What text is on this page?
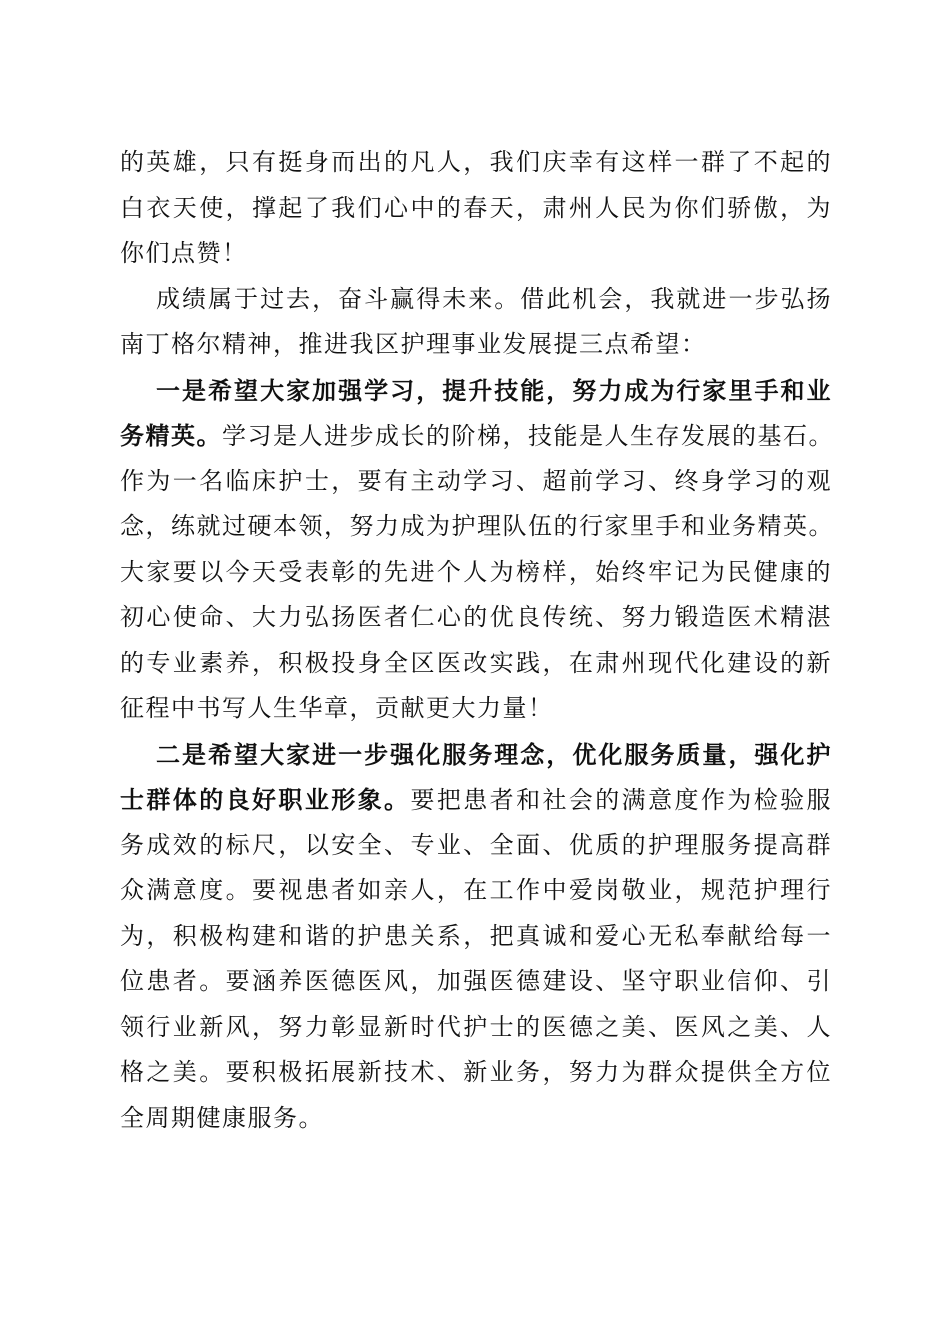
的英雄，只有挺身而出的凡人，我们庆幸有这样一群了不起的
白衣天使，撑起了我们心中的春天，肃州人民为你们骄傲，为
你们点赞！
成绩属于过去，奋斗赢得未来。借此机会，我就进一步弘扬
南丁格尔精神，推进我区护理事业发展提三点希望：
一是希望大家加强学习，提升技能，努力成为行家里手和业
务精英。学习是人进步成长的阶梯，技能是人生存发展的基石。
作为一名临床护士，要有主动学习、超前学习、终身学习的观
念，练就过硬本领，努力成为护理队伍的行家里手和业务精英。
大家要以今天受表彰的先进个人为榜样，始终牢记为民健康的
初心使命、大力弘扬医者仁心的优良传统、努力锻造医术精湛
的专业素养，积极投身全区医改实践，在肃州现代化建设的新
征程中书写人生华章，贡献更大力量！
二是希望大家进一步强化服务理念，优化服务质量，强化护
士群体的良好职业形象。要把患者和社会的满意度作为检验服
务成效的标尺，以安全、专业、全面、优质的护理服务提高群
众满意度。要视患者如亲人，在工作中爱岗敬业，规范护理行
为，积极构建和谐的护患关系，把真诚和爱心无私奉献给每一
位患者。要涵养医德医风，加强医德建设、坚守职业信仰、引
领行业新风，努力彰显新时代护士的医德之美、医风之美、人
格之美。要积极拓展新技术、新业务，努力为群众提供全方位
全周期健康服务。
